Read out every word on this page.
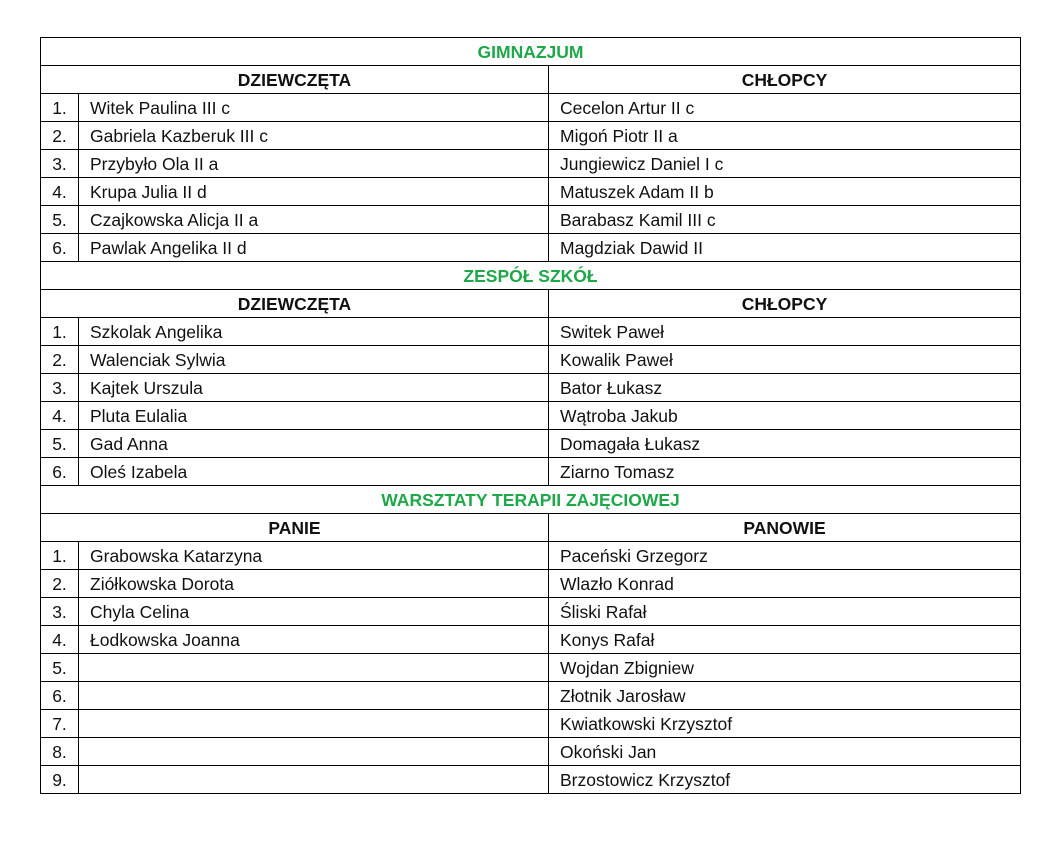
GIMNAZJUM		
DZIEWCZĘTA		CHŁOPCY
1.	Witek Paulina III c	Cecelon Artur II c
2.	Gabriela Kazberuk III c	Migoń Piotr II a
3.	Przybyło Ola II a	Jungiewicz Daniel I c
4.	Krupa Julia II d	Matuszek Adam II b
5.	Czajkowska Alicja II a	Barabasz Kamil III c
6.	Pawlak Angelika II d	Magdziak Dawid II
ZESPÓŁ SZKÓŁ		
DZIEWCZĘTA		CHŁOPCY
1.	Szkolak Angelika	Switek Paweł
2.	Walenciak Sylwia	Kowalik Paweł
3.	Kajtek Urszula	Bator Łukasz
4.	Pluta Eulalia	Wątroba Jakub
5.	Gad Anna	Domagała Łukasz
6.	Oleś Izabela	Ziarno Tomasz
WARSZTATY TERAPII ZAJĘCIOWEJ		
PANIE		PANOWIE
1.	Grabowska Katarzyna	Paceński Grzegorz
2.	Ziółkowska Dorota	Wlazło Konrad
3.	Chyla Celina	Śliski Rafał
4.	Łodkowska Joanna	Konys Rafał
5.		Wojdan Zbigniew
6.		Złotnik Jarosław
7.		Kwiatkowski Krzysztof
8.		Okoński Jan
9.		Brzostowicz Krzysztof
